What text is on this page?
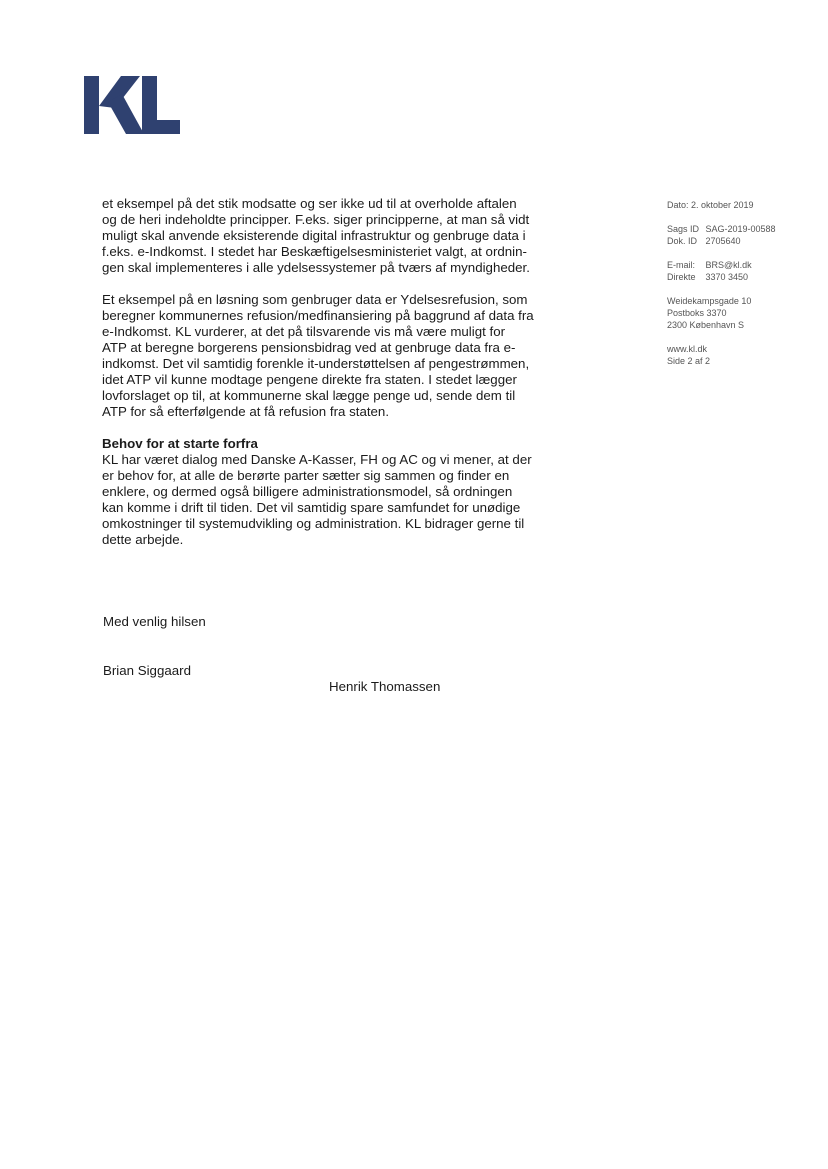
et eksempel på det stik modsatte og ser ikke ud til at overholde aftalen
og de heri indeholdte principper. F.eks. siger principperne, at man så vidt
muligt skal anvende eksisterende digital infrastruktur og genbruge data i
f.eks. e-Indkomst. I stedet har Beskæftigelsesministeriet valgt, at ordnin-
gen skal implementeres i alle ydelsessystemer på tværs af myndigheder.
Et eksempel på en løsning som genbruger data er Ydelsesrefusion, som
beregner kommunernes refusion/medfinansiering på baggrund af data fra
e-Indkomst. KL vurderer, at det på tilsvarende vis må være muligt for
ATP at beregne borgerens pensionsbidrag ved at genbruge data fra e-
indkomst. Det vil samtidig forenkle it-understøttelsen af pengestrømmen,
idet ATP vil kunne modtage pengene direkte fra staten. I stedet lægger
lovforslaget op til, at kommunerne skal lægge penge ud, sende dem til
ATP for så efterfølgende at få refusion fra staten.
Behov for at starte forfra
KL har været dialog med Danske A-Kasser, FH og AC og vi mener, at der
er behov for, at alle de berørte parter sætter sig sammen og finder en
enklere, og dermed også billigere administrationsmodel, så ordningen
kan komme i drift til tiden. Det vil samtidig spare samfundet for unødige
omkostninger til systemudvikling og administration. KL bidrager gerne til
dette arbejde.
Dato: 2. oktober 2019
Sags ID SAG-2019-00588
Dok. ID 2705640
E-mail: BRS@kl.dk
Direkte 3370 3450
Weidekampsgade 10
Postboks 3370
2300 København S
www.kl.dk
Side 2 af 2
Med venlig hilsen
Brian Siggaard
Henrik Thomassen
